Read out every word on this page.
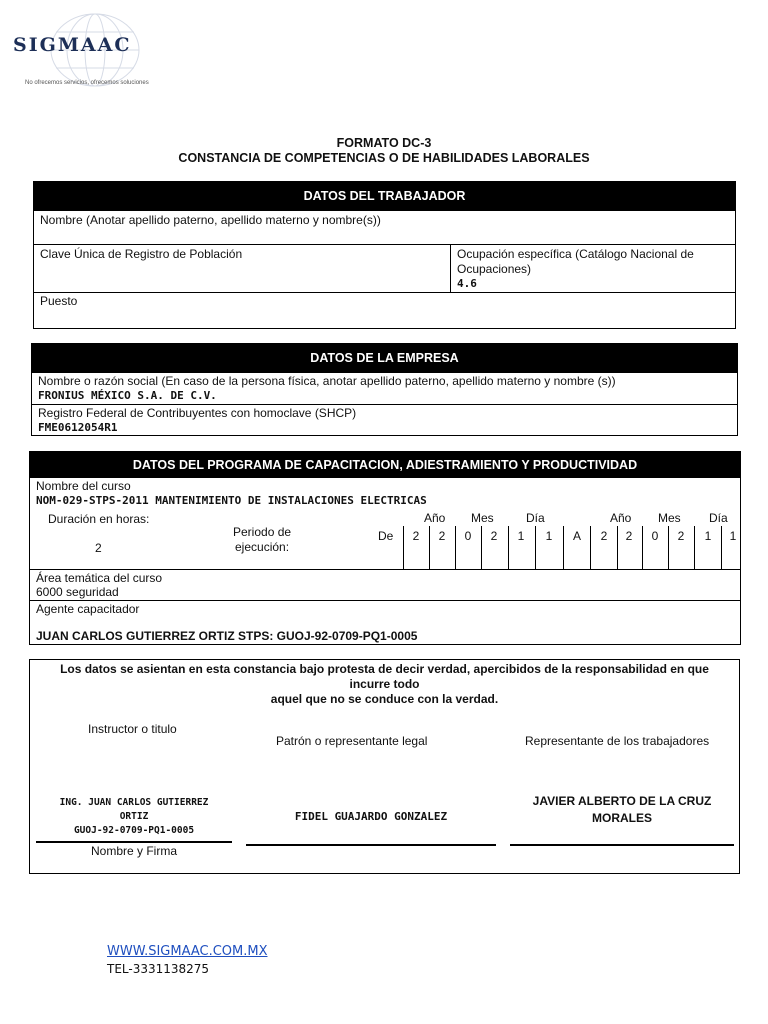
SIGMAAC
No ofrecemos servicios, ofrecemos soluciones
FORMATO DC-3
CONSTANCIA DE COMPETENCIAS O DE HABILIDADES LABORALES
DATOS DEL TRABAJADOR
Nombre (Anotar apellido paterno, apellido materno y nombre(s))
Clave Única de Registro de Población	Ocupación específica (Catálogo Nacional de
Ocupaciones)
4.6
Puesto
DATOS DE LA EMPRESA
Nombre o razón social (En caso de la persona física, anotar apellido paterno, apellido materno y nombre (s))
FRONIUS MÉXICO S.A. DE C.V.
Registro Federal de Contribuyentes con homoclave (SHCP)
FME0612054R1
DATOS DEL PROGRAMA DE CAPACITACION, ADIESTRAMIENTO Y PRODUCTIVIDAD
Nombre del curso
NOM-029-STPS-2011 MANTENIMIENTO DE INSTALACIONES ELECTRICAS
Duración en horas:
2
Periodo de
ejecución:
De
Año Mes	Día	Año Mes Día
2	2	0	2	1	1	A	2	2	0	2	1	1
Área temática del curso
6000 seguridad
Agente capacitador
JUAN CARLOS GUTIERREZ ORTIZ STPS: GUOJ-92-0709-PQ1-0005
Los datos se asientan en esta constancia bajo protesta de decir verdad, apercibidos de la responsabilidad en que
incurre todo
aquel que no se conduce con la verdad.
Instructor o titulo
Patrón o representante legal	Representante de los trabajadores
ING. JUAN CARLOS GUTIERREZ
ORTIZ
GUOJ-92-0709-PQ1-0005
Nombre y Firma
FIDEL GUAJARDO GONZALEZ
JAVIER ALBERTO DE LA CRUZ
MORALES
WWW.SIGMAAC.COM.MX
TEL-3331138275
